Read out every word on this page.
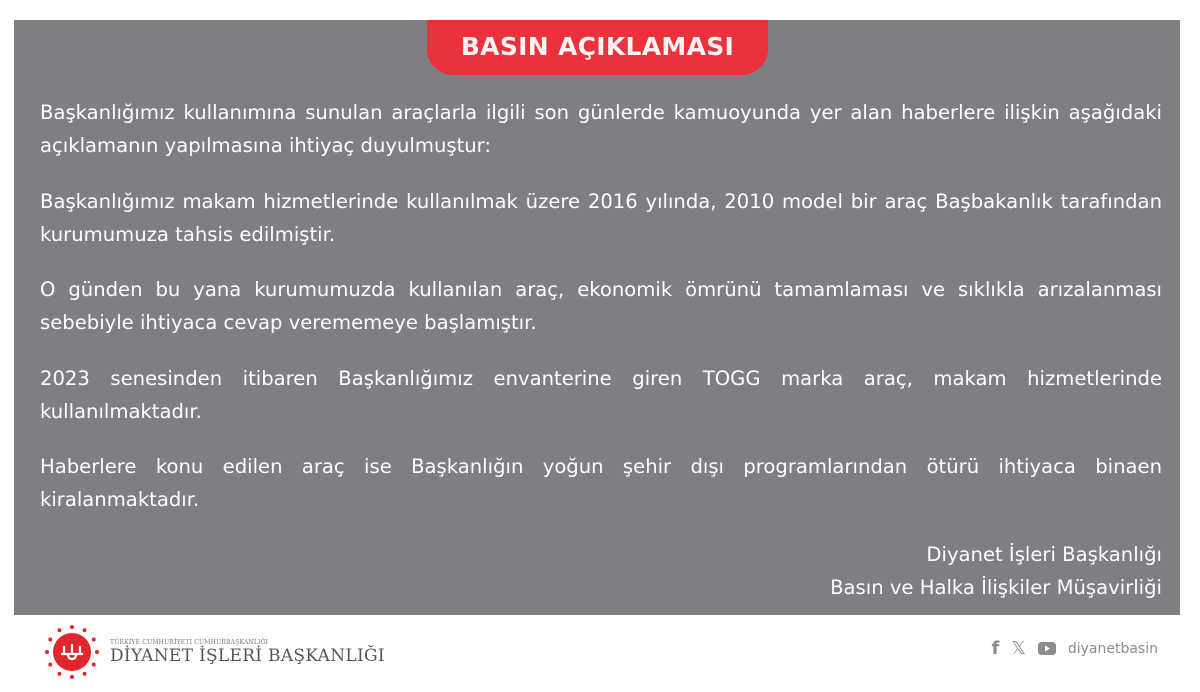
BASIN AÇIKLAMASI

Başkanlığımız kullanımına sunulan araçlarla ilgili son günlerde kamuoyunda yer alan haberlere ilişkin aşağıdaki açıklamanın yapılmasına ihtiyaç duyulmuştur:

Başkanlığımız makam hizmetlerinde kullanılmak üzere 2016 yılında, 2010 model bir araç Başbakanlık tarafından kurumumuza tahsis edilmiştir.

O günden bu yana kurumumuzda kullanılan araç, ekonomik ömrünü tamamlaması ve sıklıkla arızalanması sebebiyle ihtiyaca cevap verememeye başlamıştır.

2023 senesinden itibaren Başkanlığımız envanterine giren TOGG marka araç, makam hizmetlerinde kullanılmaktadır.

Haberlere konu edilen araç ise Başkanlığın yoğun şehir dışı programlarından ötürü ihtiyaca binaen kiralanmaktadır.

Diyanet İşleri Başkanlığı
Basın ve Halka İlişkiler Müşavirliği
TÜRKİYE CUMHURİYETİ CUMHURBAŞKANLIĞI
DİYANET İŞLERİ BAŞKANLIĞI	f 𝕏	diyanetbasin
